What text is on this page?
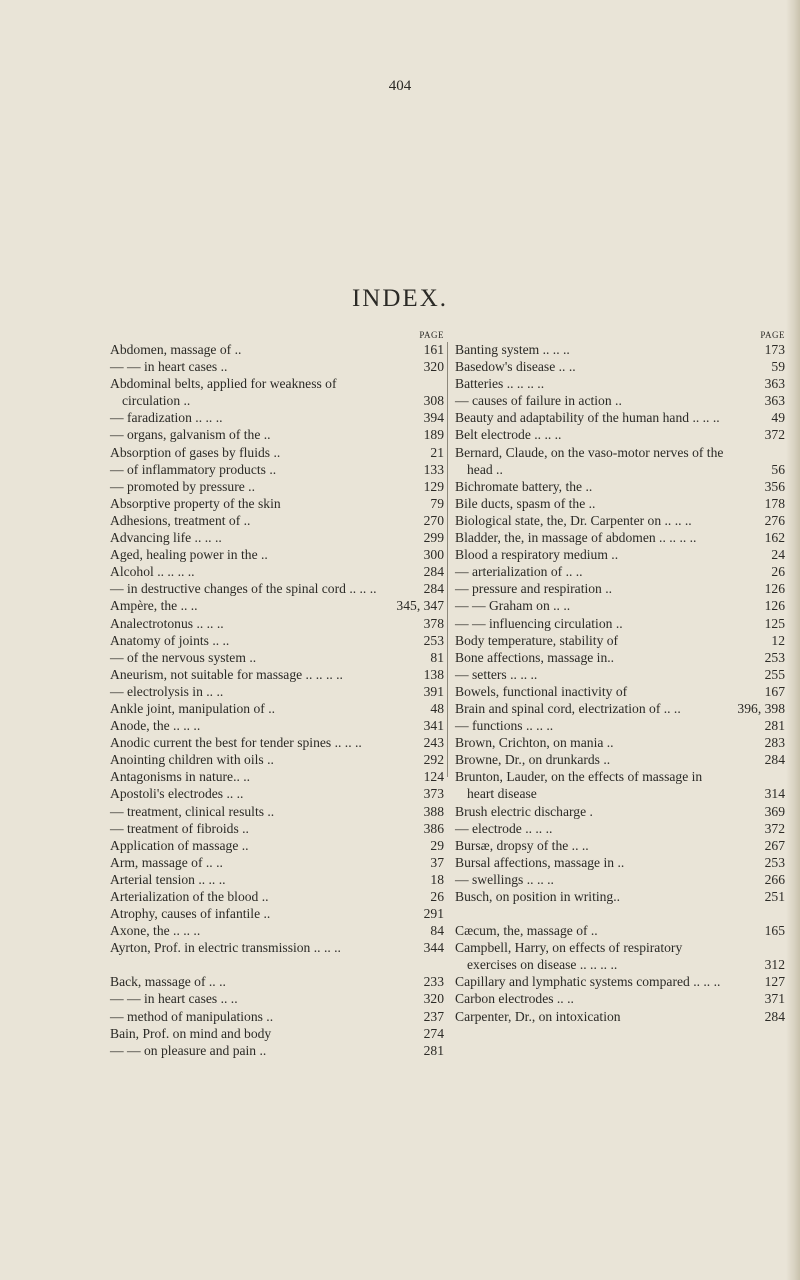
404
INDEX.
PAGE
Abdomen, massage of ..	161
— — in heart cases ..	320
Abdominal belts, applied for weakness of circulation ..	308
— faradization .. .. ..	394
— organs, galvanism of the ..	189
Absorption of gases by fluids ..	21
— of inflammatory products ..	133
— promoted by pressure ..	129
Absorptive property of the skin	79
Adhesions, treatment of ..	270
Advancing life .. .. ..	299
Aged, healing power in the ..	300
Alcohol .. .. .. ..	284
— in destructive changes of the spinal cord .. .. ..	284
Ampère, the .. ..	345, 347
Analectrotonus .. .. ..	378
Anatomy of joints .. ..	253
— of the nervous system ..	81
Aneurism, not suitable for massage .. .. .. ..	138
— electrolysis in .. ..	391
Ankle joint, manipulation of ..	48
Anode, the .. .. ..	341
Anodic current the best for tender spines .. .. ..	243
Anointing children with oils ..	292
Antagonisms in nature.. ..	124
Apostoli's electrodes .. ..	373
— treatment, clinical results ..	388
— treatment of fibroids ..	386
Application of massage ..	29
Arm, massage of .. ..	37
Arterial tension .. .. ..	18
Arterialization of the blood ..	26
Atrophy, causes of infantile ..	291
Axone, the .. .. ..	84
Ayrton, Prof. in electric transmission .. .. ..	344
Back, massage of .. ..	233
— — in heart cases .. ..	320
— method of manipulations ..	237
Bain, Prof. on mind and body	274
— — on pleasure and pain ..	281
PAGE
Banting system .. .. ..	173
Basedow's disease .. ..	59
Batteries .. .. .. ..	363
— causes of failure in action ..	363
Beauty and adaptability of the human hand .. .. ..	49
Belt electrode .. .. ..	372
Bernard, Claude, on the vaso-motor nerves of the head ..	56
Bichromate battery, the ..	356
Bile ducts, spasm of the ..	178
Biological state, the, Dr. Carpenter on .. .. ..	276
Bladder, the, in massage of abdomen .. .. .. ..	162
Blood a respiratory medium ..	24
— arterialization of .. ..	26
— pressure and respiration ..	126
— — Graham on .. ..	126
— — influencing circulation ..	125
Body temperature, stability of	12
Bone affections, massage in..	253
— setters .. .. ..	255
Bowels, functional inactivity of	167
Brain and spinal cord, electrization of .. ..	396, 398
— functions .. .. ..	281
Brown, Crichton, on mania ..	283
Browne, Dr., on drunkards ..	284
Brunton, Lauder, on the effects of massage in heart disease	314
Brush electric discharge .	369
— electrode .. .. ..	372
Bursæ, dropsy of the .. ..	267
Bursal affections, massage in ..	253
— swellings .. .. ..	266
Busch, on position in writing..	251
Cæcum, the, massage of ..	165
Campbell, Harry, on effects of respiratory exercises on disease .. .. .. ..	312
Capillary and lymphatic systems compared .. .. ..	127
Carbon electrodes .. ..	371
Carpenter, Dr., on intoxication	284
